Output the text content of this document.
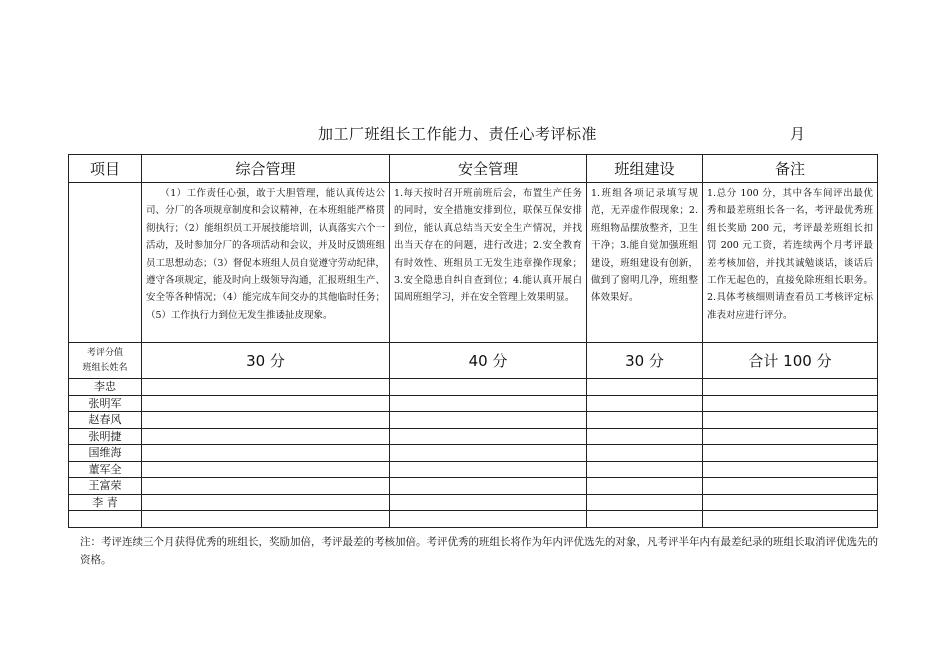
加工厂班组长工作能力、责任心考评标准	月
项目	综合管理	安全管理	班组建设	备注
	（1）工作责任心强，敢于大胆管理，能认真传达公司、分厂的各项规章制度和会议精神，在本班组能严格贯彻执行；（2）能组织员工开展技能培训，认真落实六个一活动，及时参加分厂的各项活动和会议，并及时反馈班组员工思想动态；（3）督促本班组人员自觉遵守劳动纪律，遵守各项规定，能及时向上级领导沟通，汇报班组生产、安全等各种情况；（4）能完成车间交办的其他临时任务；（5）工作执行力到位无发生推诿扯皮现象。	1.每天按时召开班前班后会，布置生产任务的同时，安全措施安排到位，联保互保安排到位，能认真总结当天安全生产情况，并找出当天存在的问题，进行改进；2.安全教育有时效性、班组员工无发生违章操作现象；3.安全隐患自纠自查到位；4.能认真开展白国周班组学习，并在安全管理上效果明显。	1.班组各项记录填写规范，无弄虚作假现象；2.班组物品摆放整齐，卫生干净；3.能自觉加强班组建设，班组建设有创新，做到了窗明几净，班组整体效果好。	1.总分 100 分，其中各车间评出最优秀和最差班组长各一名，考评最优秀班组长奖励 200 元，考评最差班组长扣罚 200 元工资，若连续两个月考评最差考核加倍，并找其诚勉谈话，谈话后工作无起色的，直接免除班组长职务。2.具体考核细则请查看员工考核评定标准表对应进行评分。

考评分值
班组长姓名	30 分	40 分	30 分	合计 100 分
李忠				
张明军				
赵春风				
张明捷				
国维海				
董军全				
王富荣				
李 青				

注：考评连续三个月获得优秀的班组长，奖励加倍，考评最差的考核加倍。考评优秀的班组长将作为年内评优选先的对象，凡考评半年内有最差纪录的班组长取消评优选先的资格。
